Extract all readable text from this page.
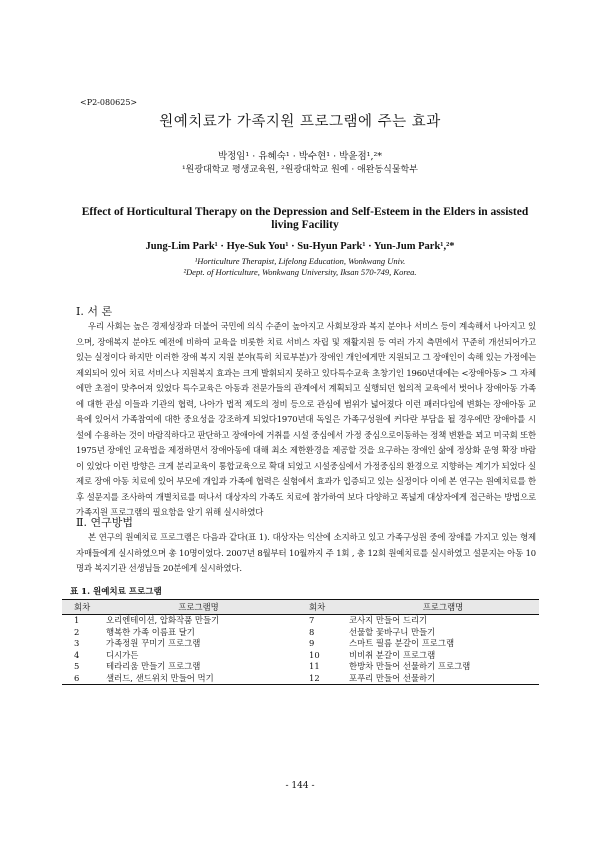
<P2-080625>
원예치료가 가족지원 프로그램에 주는 효과
박정임¹ · 유혜숙¹ · 박수현¹ · 박윤점¹,²*
¹원광대학교 평생교육원, ²원광대학교 원예 · 애완동식물학부
Effect of Horticultural Therapy on the Depression and Self-Esteem in the Elders in assisted living Facility
Jung-Lim Park¹ · Hye-Suk You¹ · Su-Hyun Park¹ · Yun-Jum Park¹,²*
¹Horticulture Therapist, Lifelong Education, Wonkwang Univ.
²Dept. of Horticulture, Wonkwang University, Iksan 570-749, Korea.
Ⅰ. 서 론

우리 사회는 높은 경제성장과 더불어 국민에 의식 수준이 높아지고 사회보장과 복지 분야나 서비스 등이 계속해서 나아지고 있으며, 장애복지 분야도 예전에 비하여 교육을 비롯한 치료 서비스 자립 및 재활지원 등 여러 가지 측면에서 꾸준히 개선되어가고 있는 실정이다 하지만 이러한 장애 복지 지원 분야(특히 치료부분)가 장애인 개인에게만 지원되고 그 장애인이 속해 있는 가정에는 제외되어 있어 치료 서비스나 지원복지 효과는 크게 발휘되지 못하고 있다특수교육 초창기인 1960년대에는 <장애아동> 그 자체에만 초점이 맞추어져 있었다 특수교육은 아동과 전문가들의 관계에서 계획되고 실행되던 협의적 교육에서 벗어나 장애아동 가족에 대한 관심 이들과 기관의 협력, 나아가 법적 제도의 정비 등으로 관심에 범위가 넓어졌다 이런 패러다임에 변화는 장애아동 교육에 있어서 가족참여에 대한 중요성을 강조하게 되었다1970년대 독일은 가족구성원에 커다란 부담을 될 경우에만 장애아를 시설에 수용하는 것이 바람직하다고 판단하고 장애아에 거취를 시설 중심에서 가정 중심으로이동하는 정책 변환을 꾀고 미국회 또한 1975년 장애인 교육법을 제정하면서 장애아동에 대해 최소 제한환경을 제공할 것을 요구하는 장애인 삶에 정상화 운영 확장 바람이 있었다 이런 방향은 크게 분리교육이 통합교육으로 확대 되었고 시설중심에서 가정중심의 환경으로 지향하는 계기가 되었다 실제로 장애 아동 치료에 있어 부모에 개입과 가족에 협력은 실험에서 효과가 입증되고 있는 실정이다 이에 본 연구는 원예치료를 한 후 설문지를 조사하여 개별치료를 떠나서 대상자의 가족도 치료에 참가하여 보다 다양하고 폭넓게 대상자에게 접근하는 방법으로 가족지원 프로그램의 필요함을 알기 위해 실시하였다

Ⅱ. 연구방법

본 연구의 원예치료 프로그램은 다음과 같다(표 1). 대상자는 익산에 소지하고 있고 가족구성원 중에 장애를 가지고 있는 형제자매들에게 실시하였으며 총 10명이었다. 2007년 8월부터 10월까지 주 1회 , 총 12회 원예치료를 실시하였고 설문지는 아동 10명과 복지기관 선생님들 20분에게 실시하였다.

표 1. 원예치료 프로그램
회차	프로그램명	회차	프로그램명
1	오리엔테이션, 압화작품 만들기	7	코사지 만들어 드리기
2	행복한 가족 이름표 달기	8	선물할 꽃바구니 만들기
3	가족정원 꾸미기 프로그램	9	스마트 필름 분갈이 프로그램
4	디시가든	10	비비취 분갈이 프로그램
5	테라리움 만들기 프로그램	11	한방차 만들어 선물하기 프로그램
6	샐러드, 샌드위치 만들어 먹기	12	포푸리 만들어 선물하기
- 144 -
